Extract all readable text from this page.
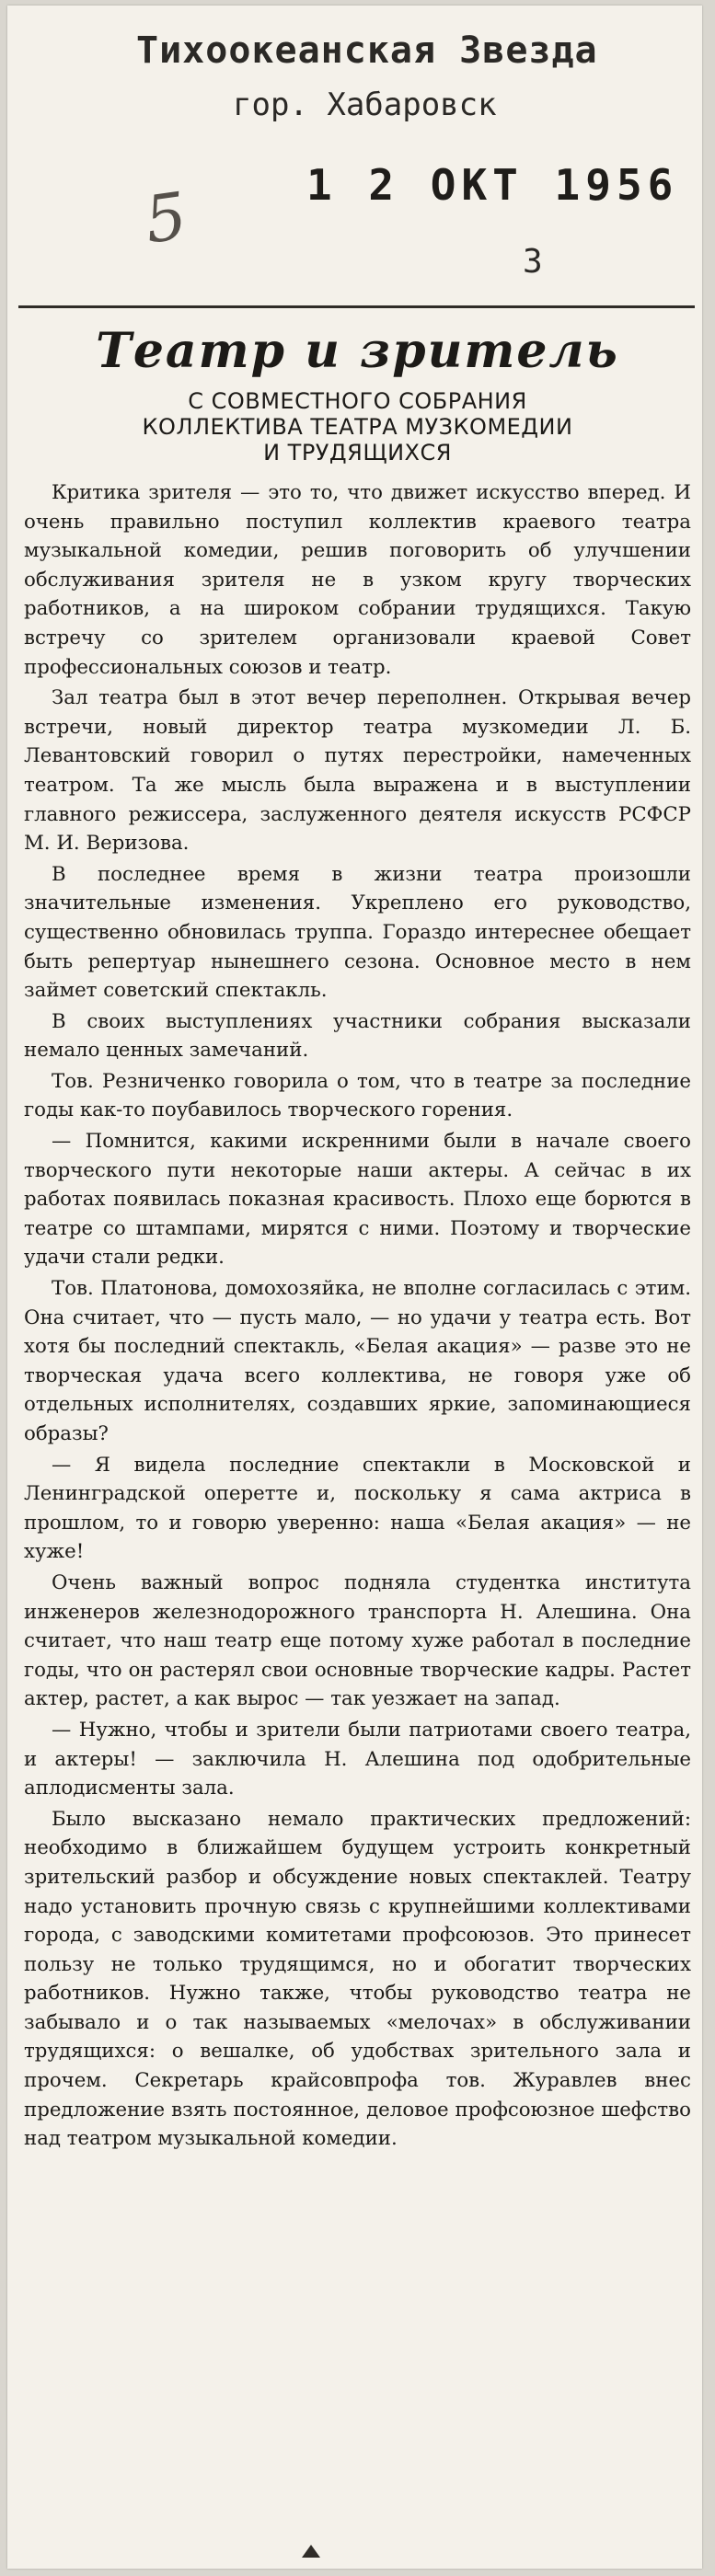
Тихоокеанская Звезда
гор. Хабаровск
5	1 2 ОКТ 1956
3
Театр и зритель
С СОВМЕСТНОГО СОБРАНИЯ
КОЛЛЕКТИВА ТЕАТРА МУЗКОМЕДИИ
И ТРУДЯЩИХСЯ

Критика зрителя — это то, что движет искусство вперед. И очень правильно поступил коллектив краевого театра музыкальной комедии, решив поговорить об улучшении обслуживания зрителя не в узком кругу творческих работников, а на широком собрании трудящихся. Такую встречу со зрителем организовали краевой Совет профессиональных союзов и театр.

Зал театра был в этот вечер переполнен. Открывая вечер встречи, новый директор театра музкомедии Л. Б. Левантовский говорил о путях перестройки, намеченных театром. Та же мысль была выражена и в выступлении главного режиссера, заслуженного деятеля искусств РСФСР М. И. Веризова.

В последнее время в жизни театра произошли значительные изменения. Укреплено его руководство, существенно обновилась труппа. Гораздо интереснее обещает быть репертуар нынешнего сезона. Основное место в нем займет советский спектакль.

В своих выступлениях участники собрания высказали немало ценных замечаний.

Тов. Резниченко говорила о том, что в театре за последние годы как-то поубавилось творческого горения.

— Помнится, какими искренними были в начале своего творческого пути некоторые наши актеры. А сейчас в их работах появилась показная красивость. Плохо еще борются в театре со штампами, мирятся с ними. Поэтому и творческие удачи стали редки.

Тов. Платонова, домохозяйка, не вполне согласилась с этим. Она считает, что — пусть мало, — но удачи у театра есть. Вот хотя бы последний спектакль, «Белая акация» — разве это не творческая удача всего коллектива, не говоря уже об отдельных исполнителях, создавших яркие, запоминающиеся образы?

— Я видела последние спектакли в Московской и Ленинградской оперетте и, поскольку я сама актриса в прошлом, то и говорю уверенно: наша «Белая акация» — не хуже!

Очень важный вопрос подняла студентка института инженеров железнодорожного транспорта Н. Алешина. Она считает, что наш театр еще потому хуже работал в последние годы, что он растерял свои основные творческие кадры. Растет актер, растет, а как вырос — так уезжает на запад.

— Нужно, чтобы и зрители были патриотами своего театра, и актеры! — заключила Н. Алешина под одобрительные аплодисменты зала.

Было высказано немало практических предложений: необходимо в ближайшем будущем устроить конкретный зрительский разбор и обсуждение новых спектаклей. Театру надо установить прочную связь с крупнейшими коллективами города, с заводскими комитетами профсоюзов. Это принесет пользу не только трудящимся, но и обогатит творческих работников. Нужно также, чтобы руководство театра не забывало и о так называемых «мелочах» в обслуживании трудящихся: о вешалке, об удобствах зрительного зала и прочем. Секретарь крайсовпрофа тов. Журавлев внес предложение взять постоянное, деловое профсоюзное шефство над театром музыкальной комедии.
